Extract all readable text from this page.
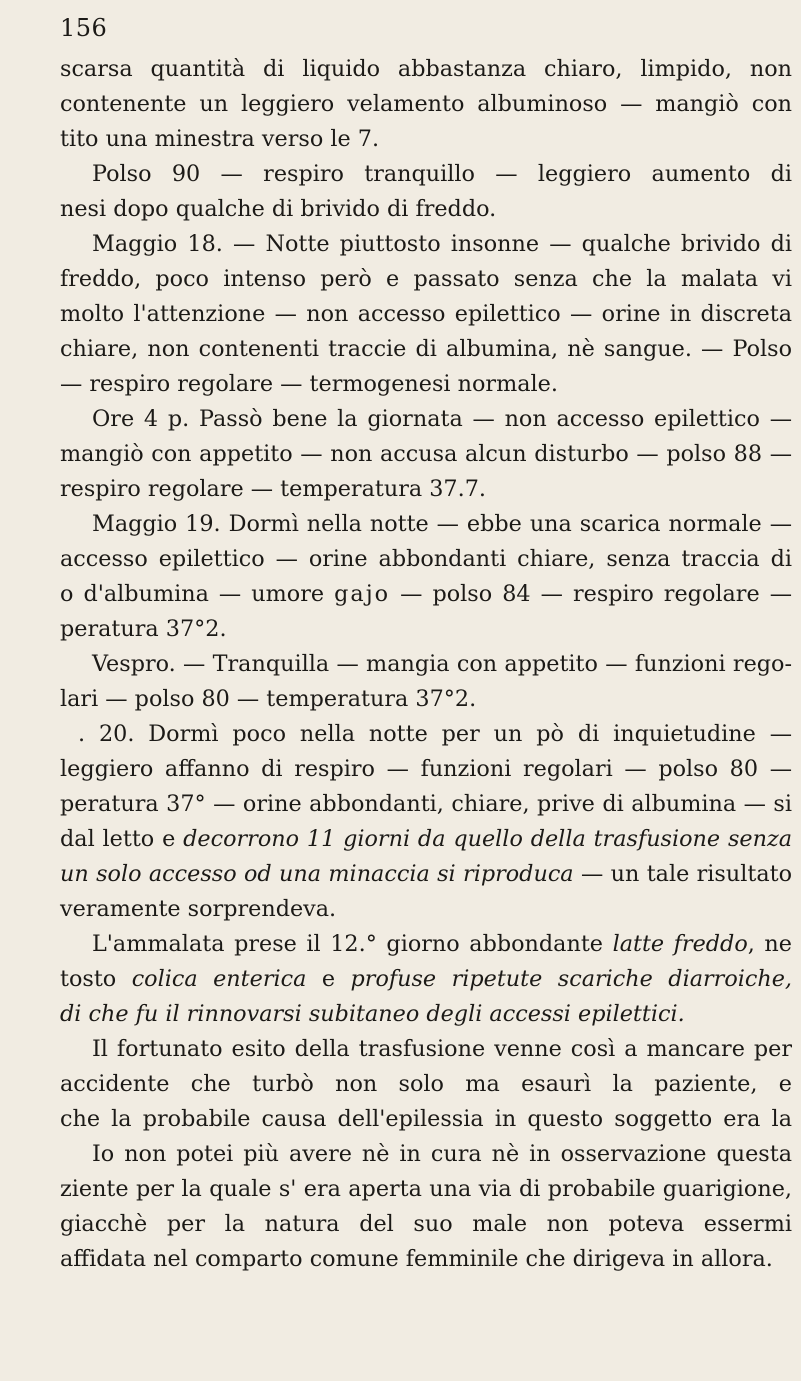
156
scarsa quantità di liquido abbastanza chiaro, limpido, non
contenente un leggiero velamento albuminoso — mangiò con
tito una minestra verso le 7.
Polso 90 — respiro tranquillo — leggiero aumento di
nesi dopo qualche di brivido di freddo.
Maggio 18. — Notte piuttosto insonne — qualche brivido di
freddo, poco intenso però e passato senza che la malata vi
molto l'attenzione — non accesso epilettico — orine in discreta
chiare, non contenenti traccie di albumina, nè sangue. — Polso
— respiro regolare — termogenesi normale.
Ore 4 p. Passò bene la giornata — non accesso epilettico —
mangiò con appetito — non accusa alcun disturbo — polso 88 —
respiro regolare — temperatura 37.7.
Maggio 19. Dormì nella notte — ebbe una scarica normale —
accesso epilettico — orine abbondanti chiare, senza traccia di
o d'albumina — umore gajo — polso 84 — respiro regolare —
peratura 37°2.
Vespro. — Tranquilla — mangia con appetito — funzioni rego-
lari — polso 80 — temperatura 37°2.
. 20. Dormì poco nella notte per un pò di inquietudine —
leggiero affanno di respiro — funzioni regolari — polso 80 —
peratura 37° — orine abbondanti, chiare, prive di albumina — si
dal letto e decorrono 11 giorni da quello della trasfusione senza
un solo accesso od una minaccia si riproduca — un tale risultato
veramente sorprendeva.
L'ammalata prese il 12.° giorno abbondante latte freddo, ne
tosto colica enterica e profuse ripetute scariche diarroiche,
di che fu il rinnovarsi subitaneo degli accessi epilettici.
Il fortunato esito della trasfusione venne così a mancare per
accidente che turbò non solo ma esaurì la paziente, e
che la probabile causa dell'epilessia in questo soggetto era la
Io non potei più avere nè in cura nè in osservazione questa
ziente per la quale s' era aperta una via di probabile guarigione,
giacchè per la natura del suo male non poteva essermi
affidata nel comparto comune femminile che dirigeva in allora.
